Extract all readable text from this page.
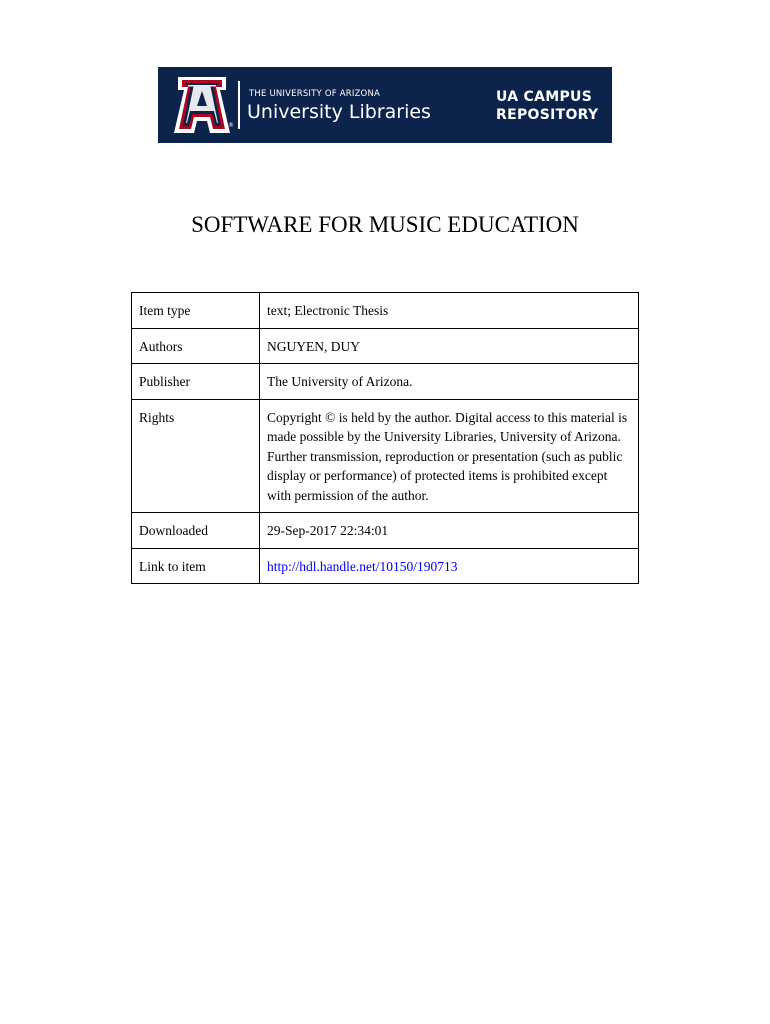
®
THE UNIVERSITY OF ARIZONA
University Libraries
UA CAMPUS
REPOSITORY
SOFTWARE FOR MUSIC EDUCATION
Item type	text; Electronic Thesis
Authors	NGUYEN, DUY
Publisher	The University of Arizona.
Rights	Copyright © is held by the author. Digital access to this material is made possible by the University Libraries, University of Arizona. Further transmission, reproduction or presentation (such as public display or performance) of protected items is prohibited except with permission of the author.
Downloaded	29-Sep-2017 22:34:01
Link to item	http://hdl.handle.net/10150/190713
